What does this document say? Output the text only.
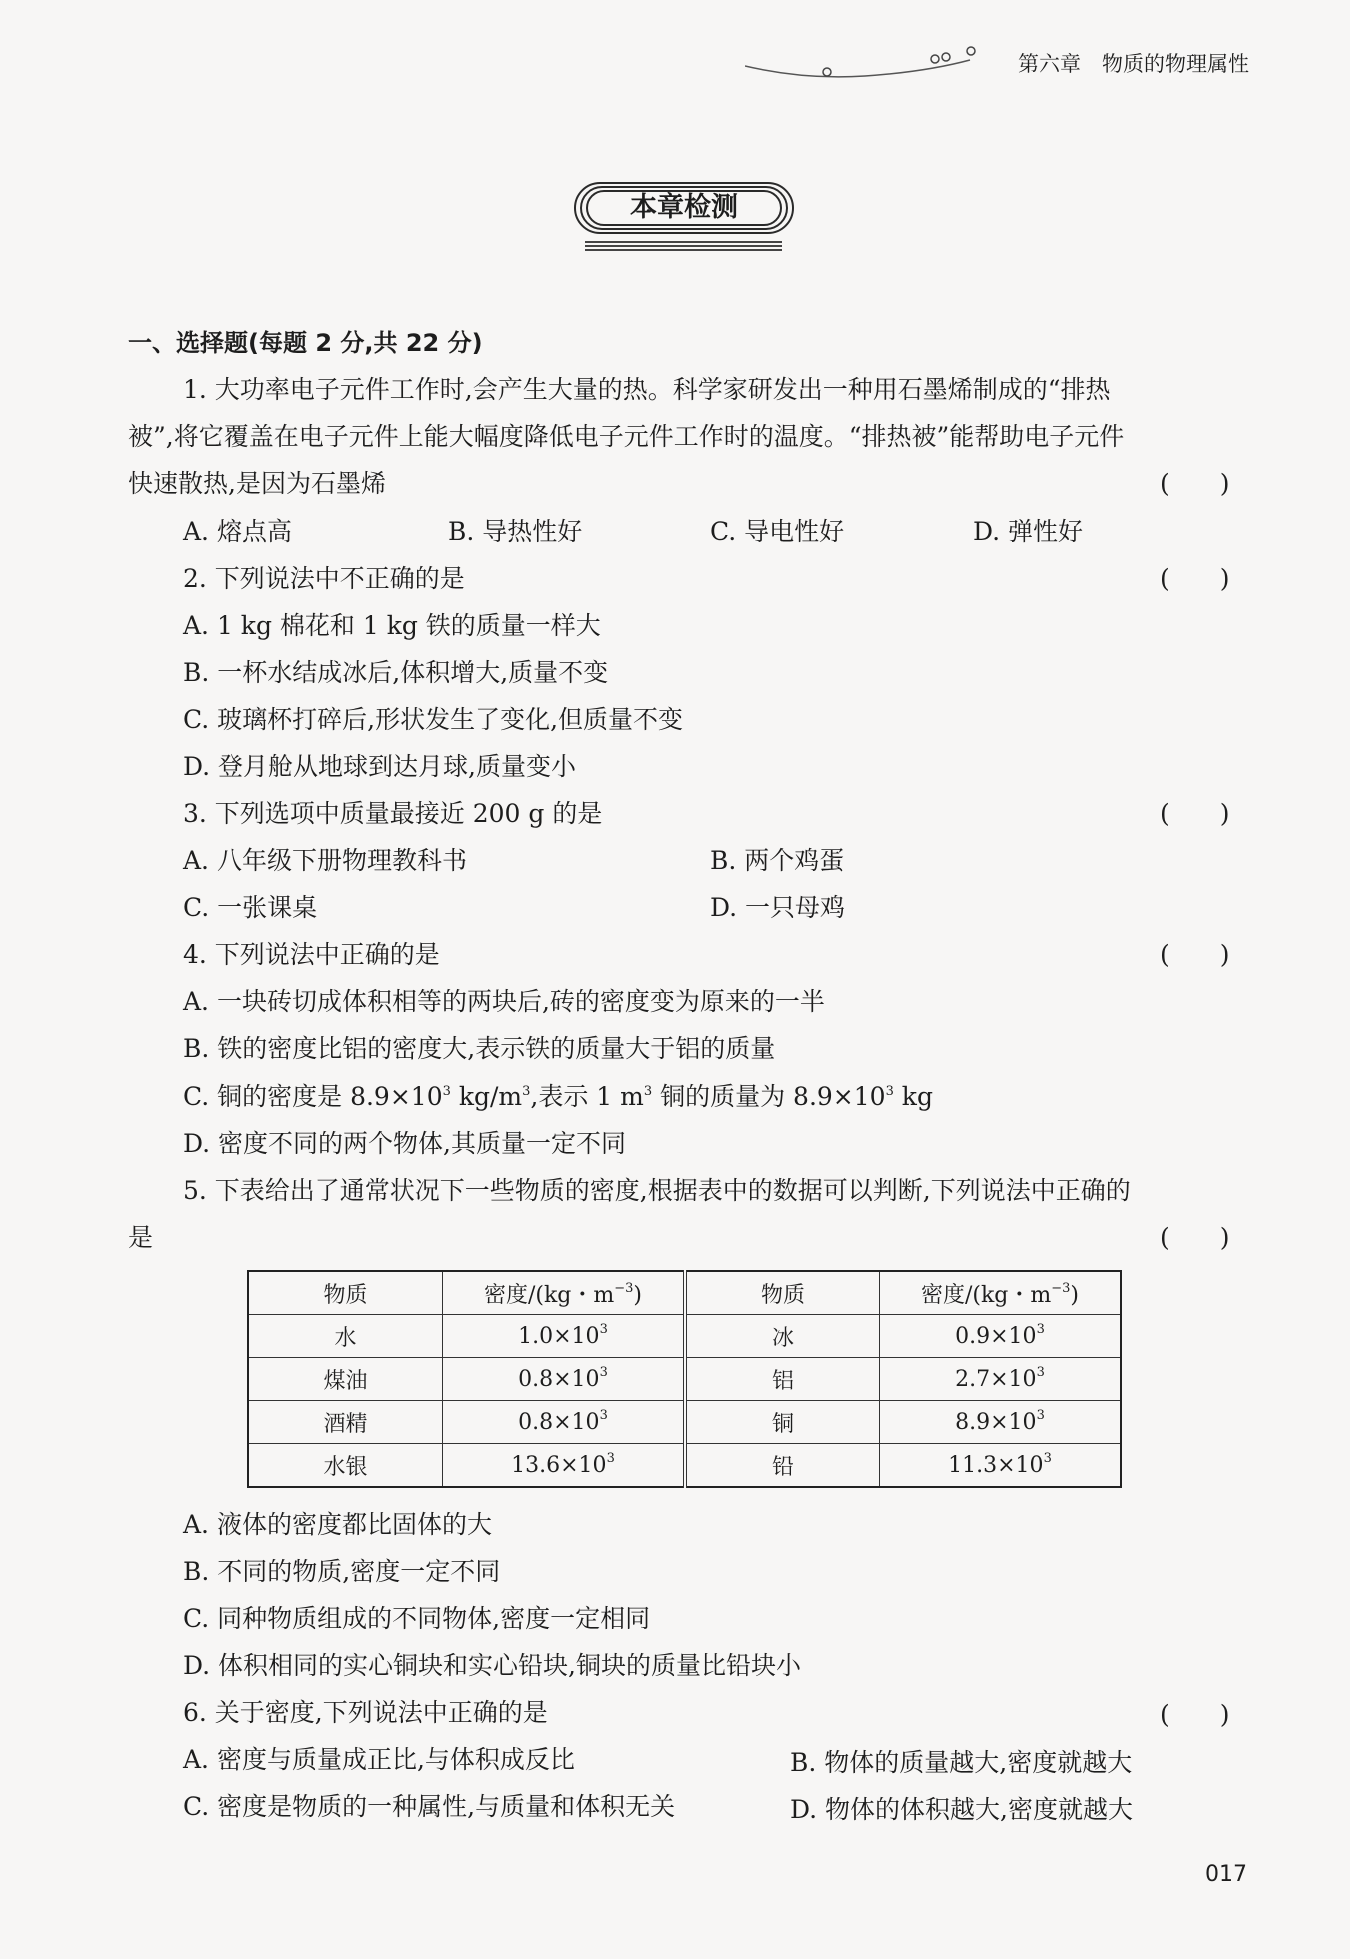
第六章　物质的物理属性
本章检测
一、选择题(每题 2 分,共 22 分)
1. 大功率电子元件工作时,会产生大量的热。科学家研发出一种用石墨烯制成的“排热
被”,将它覆盖在电子元件上能大幅度降低电子元件工作时的温度。“排热被”能帮助电子元件
快速散热,是因为石墨烯	(　　)
A. 熔点高	B. 导热性好	C. 导电性好	D. 弹性好
2. 下列说法中不正确的是	(　　)
A. 1 kg 棉花和 1 kg 铁的质量一样大
B. 一杯水结成冰后,体积增大,质量不变
C. 玻璃杯打碎后,形状发生了变化,但质量不变
D. 登月舱从地球到达月球,质量变小
3. 下列选项中质量最接近 200 g 的是	(　　)
A. 八年级下册物理教科书	B. 两个鸡蛋
C. 一张课桌	D. 一只母鸡
4. 下列说法中正确的是	(　　)
A. 一块砖切成体积相等的两块后,砖的密度变为原来的一半
B. 铁的密度比铝的密度大,表示铁的质量大于铝的质量
C. 铜的密度是 $8.9\times 10^3$ $kg/m^3$,表示 1 $m^3$ 铜的质量为 $8.9\times 10^3$ kg
D. 密度不同的两个物体,其质量一定不同
5. 下表给出了通常状况下一些物质的密度,根据表中的数据可以判断,下列说法中正确的
是	(　　)
物质	密度/(kg・$m^{-3}$)	物质	密度/(kg・$m^{-3}$)
水	$1.0\times 10^3$	冰	$0.9\times 10^3$
煤油	$0.8\times 10^3$	铝	$2.7\times 10^3$
酒精	$0.8\times 10^3$	铜	$8.9\times 10^3$
水银	$13.6\times 10^3$	铅	$11.3\times 10^3$
A. 液体的密度都比固体的大
B. 不同的物质,密度一定不同
C. 同种物质组成的不同物体,密度一定相同
D. 体积相同的实心铜块和实心铅块,铜块的质量比铅块小
6. 关于密度,下列说法中正确的是	(　　)
A. 密度与质量成正比,与体积成反比	B. 物体的质量越大,密度就越大
C. 密度是物质的一种属性,与质量和体积无关	D. 物体的体积越大,密度就越大
017
